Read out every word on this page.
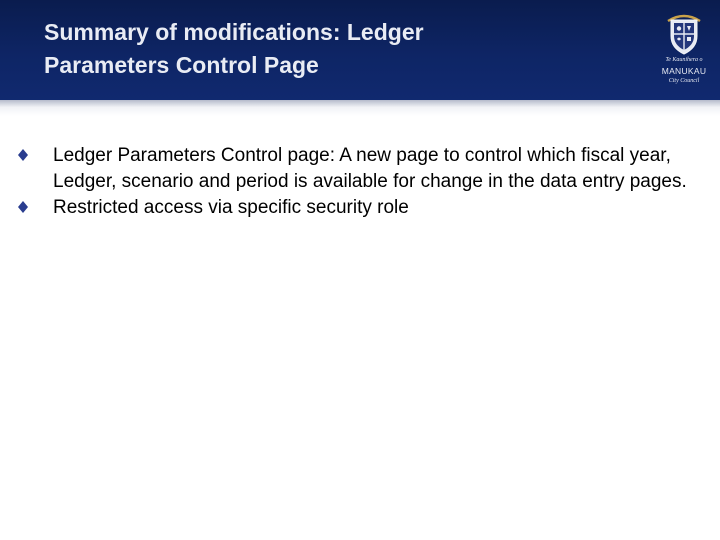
Summary of modifications: Ledger
Parameters Control Page	Te Kaunihera o
MANUKAU
City Council
Ledger Parameters Control page: A new page to control which fiscal year, Ledger, scenario and period is available for change in the data entry pages.
Restricted access via specific security role
